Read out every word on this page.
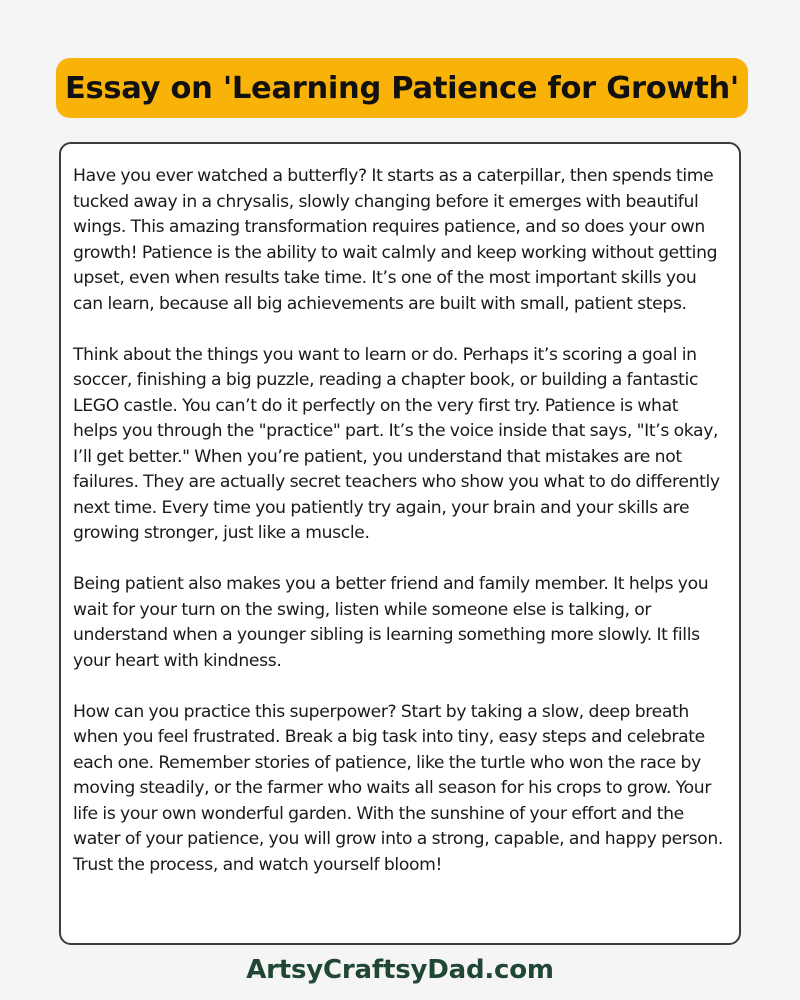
Essay on 'Learning Patience for Growth'

Have you ever watched a butterfly? It starts as a caterpillar, then spends time tucked away in a chrysalis, slowly changing before it emerges with beautiful wings. This amazing transformation requires patience, and so does your own growth! Patience is the ability to wait calmly and keep working without getting upset, even when results take time. It’s one of the most important skills you can learn, because all big achievements are built with small, patient steps.

Think about the things you want to learn or do. Perhaps it’s scoring a goal in soccer, finishing a big puzzle, reading a chapter book, or building a fantastic LEGO castle. You can’t do it perfectly on the very first try. Patience is what helps you through the "practice" part. It’s the voice inside that says, "It’s okay, I’ll get better." When you’re patient, you understand that mistakes are not failures. They are actually secret teachers who show you what to do differently next time. Every time you patiently try again, your brain and your skills are growing stronger, just like a muscle.

Being patient also makes you a better friend and family member. It helps you wait for your turn on the swing, listen while someone else is talking, or understand when a younger sibling is learning something more slowly. It fills your heart with kindness.

How can you practice this superpower? Start by taking a slow, deep breath when you feel frustrated. Break a big task into tiny, easy steps and celebrate each one. Remember stories of patience, like the turtle who won the race by moving steadily, or the farmer who waits all season for his crops to grow. Your life is your own wonderful garden. With the sunshine of your effort and the water of your patience, you will grow into a strong, capable, and happy person. Trust the process, and watch yourself bloom!

ArtsyCraftsyDad.com
